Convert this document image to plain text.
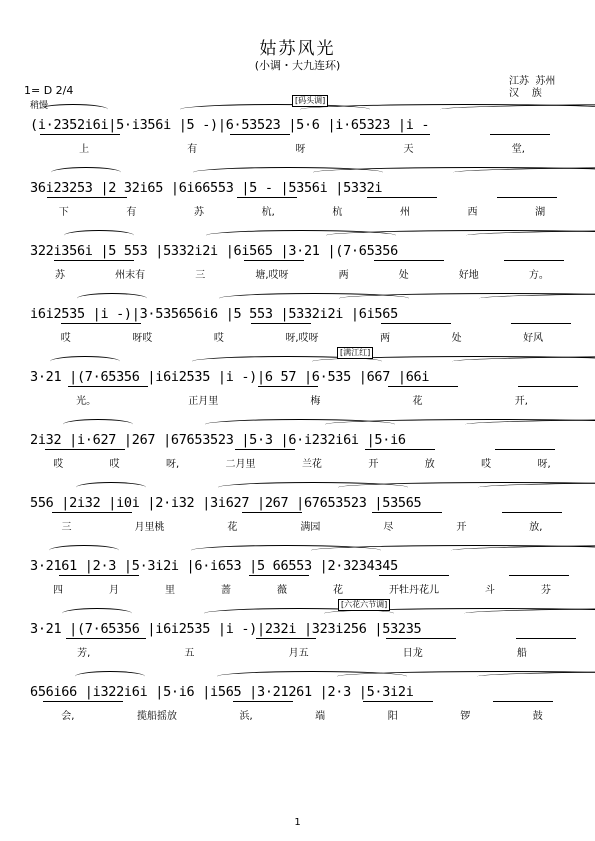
姑苏风光
(小调・大九连环)
江苏  苏州
汉    族
1= D 2/4
稍慢
(i·2352i6i|5·i356i |5 -)|6·53523 |5·6 |i·65323 |i -
[码头调]
上	有	呀	天	堂,
36i23253 |2 32i65 |6i66553 |5 - |5356i |5332i
下	有	苏	杭,	杭	州	西	湖
322i356i |5 553 |5332i2i |6i565 |3·21 |(7·65356
苏	州末有	三	塘,哎呀	两	处	好地	方。
i6i2535 |i -)|3·535656i6 |5 553 |5332i2i |6i565
哎	呀哎	哎	呀,哎呀	两	处	好风
3·21 |(7·65356 |i6i2535 |i -)|6 57 |6·535 |667 |66i
[满江红]
光。	正月里	梅	花	开,
2i32 |i·627 |267 |67653523 |5·3 |6·i232i6i |5·i6
哎	哎	呀,	二月里	兰花	开	放	哎	呀,
556 |2i32 |i0i |2·i32 |3i627 |267 |67653523 |53565
三	月里桃	花	满园	尽	开	放,
3·2161 |2·3 |5·3i2i |6·i653 |5 66553 |2·3234345
四	月	里	蔷	薇	花	开牡丹花儿	斗	芬
3·21 |(7·65356 |i6i2535 |i -)|232i |323i256 |53235
[六花六节调]
芳,	五	月五	日龙	船
656i66 |i322i6i |5·i6 |i565 |3·21261 |2·3 |5·3i2i
会,	揽船摇放	浜,	端	阳	锣	鼓
1
